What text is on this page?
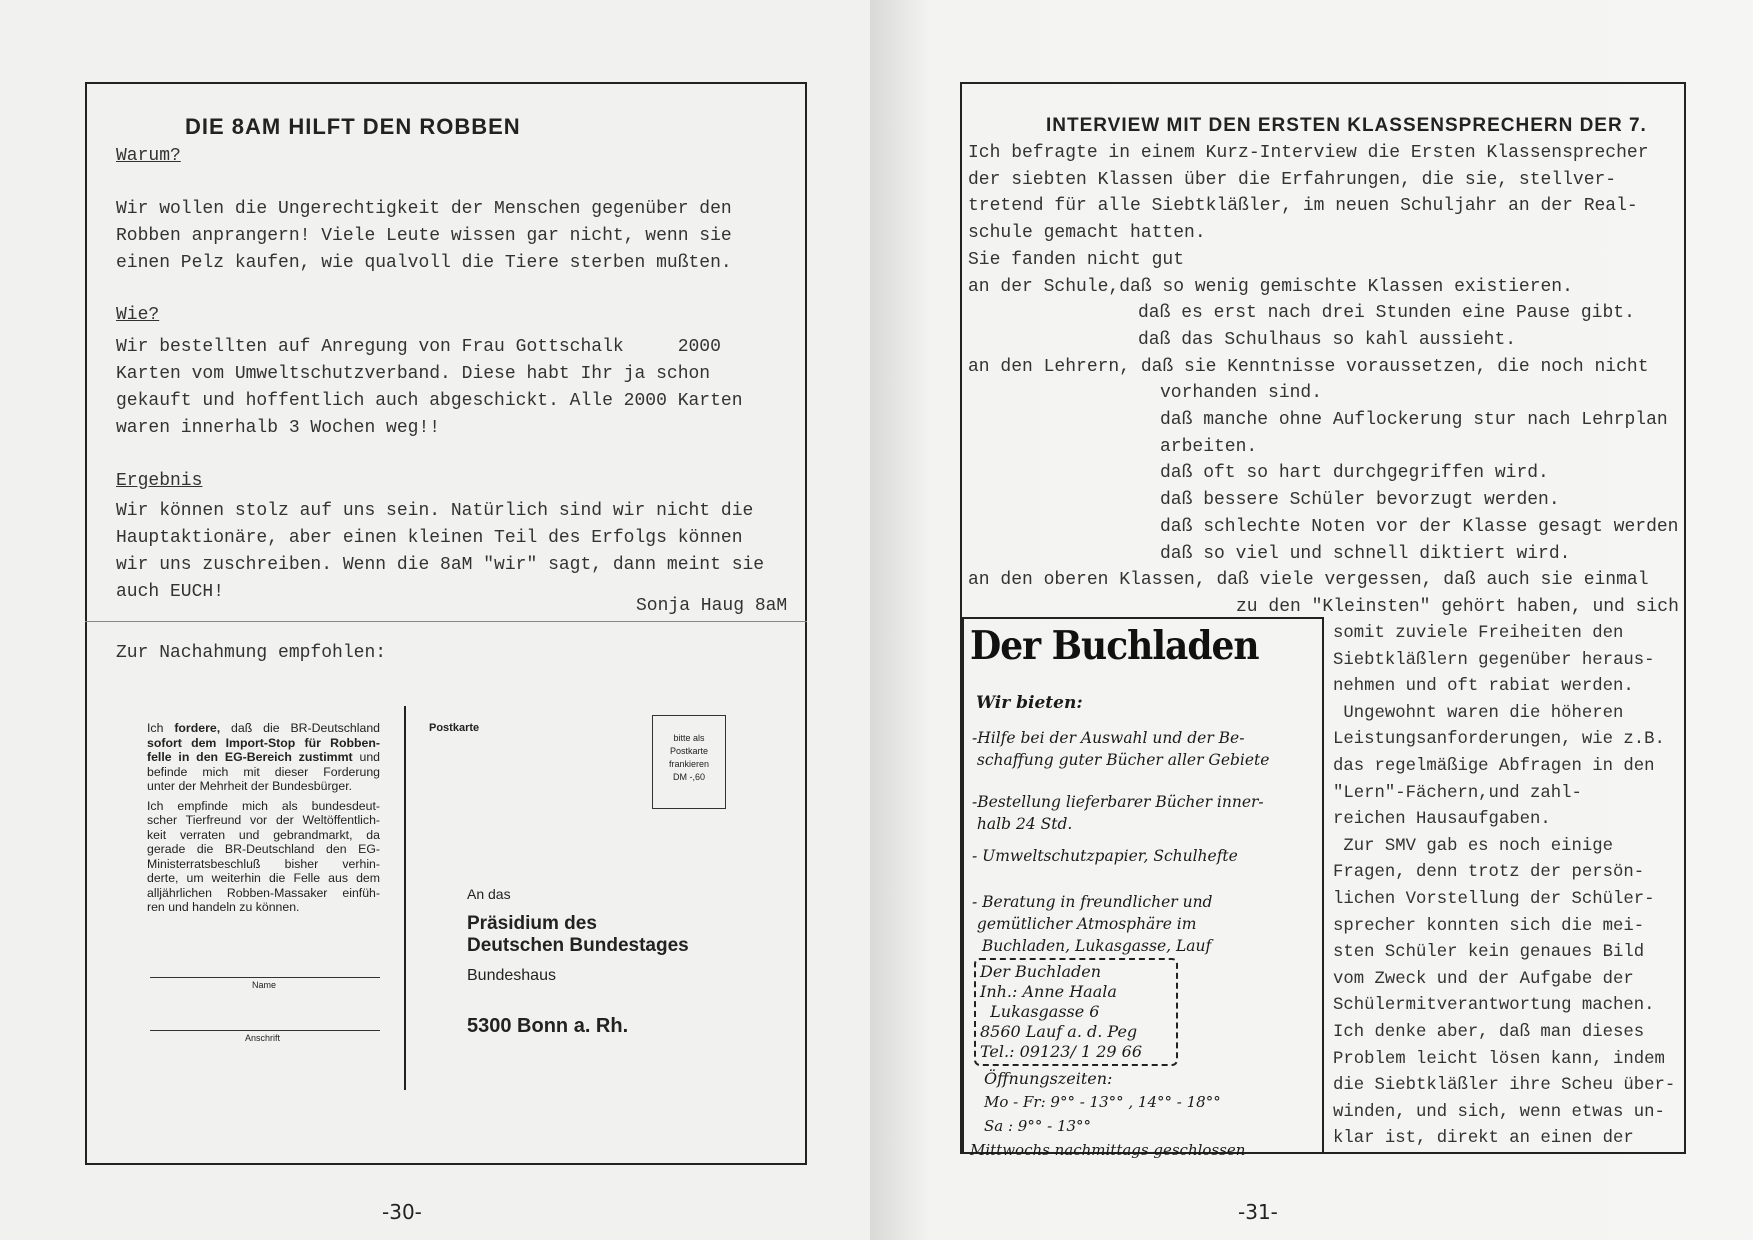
DIE 8AM HILFT DEN ROBBEN
Warum?
Wir wollen die Ungerechtigkeit der Menschen gegenüber den
Robben anprangern! Viele Leute wissen gar nicht, wenn sie
einen Pelz kaufen, wie qualvoll die Tiere sterben mußten.
Wie?
Wir bestellten auf Anregung von Frau Gottschalk     2000
Karten vom Umweltschutzverband. Diese habt Ihr ja schon
gekauft und hoffentlich auch abgeschickt. Alle 2000 Karten
waren innerhalb 3 Wochen weg!!
Ergebnis
Wir können stolz auf uns sein. Natürlich sind wir nicht die
Hauptaktionäre, aber einen kleinen Teil des Erfolgs können
wir uns zuschreiben. Wenn die 8aM "wir" sagt, dann meint sie
auch EUCH!
Sonja Haug 8aM
Zur Nachahmung empfohlen:
Ich fordere, daß die BR-Deutschland
sofort dem Import-Stop für Robben-
felle in den EG-Bereich zustimmt und
befinde mich mit dieser Forderung
unter der Mehrheit der Bundesbürger.
Ich empfinde mich als bundesdeut-
scher Tierfreund vor der Weltöffentlich-
keit verraten und gebrandmarkt, da
gerade die BR-Deutschland den EG-
Ministerratsbeschluß bisher verhin-
derte, um weiterhin die Felle aus dem
alljährlichen Robben-Massaker einfüh-
ren und handeln zu können.
Name
Anschrift
Postkarte
bitte als
Postkarte
frankieren
DM -,60
An das
Präsidium des
Deutschen Bundestages
Bundeshaus
5300 Bonn a. Rh.
-30-
INTERVIEW MIT DEN ERSTEN KLASSENSPRECHERN DER 7.
Ich befragte in einem Kurz-Interview die Ersten Klassensprecher
der siebten Klassen über die Erfahrungen, die sie, stellver-
tretend für alle Siebtkläßler, im neuen Schuljahr an der Real-
schule gemacht hatten.
Sie fanden nicht gut
an der Schule,daß so wenig gemischte Klassen existieren.
daß es erst nach drei Stunden eine Pause gibt.
daß das Schulhaus so kahl aussieht.
an den Lehrern, daß sie Kenntnisse voraussetzen, die noch nicht
vorhanden sind.
daß manche ohne Auflockerung stur nach Lehrplan
arbeiten.
daß oft so hart durchgegriffen wird.
daß bessere Schüler bevorzugt werden.
daß schlechte Noten vor der Klasse gesagt werden
daß so viel und schnell diktiert wird.
an den oberen Klassen, daß viele vergessen, daß auch sie einmal
zu den "Kleinsten" gehört haben, und sich
somit zuviele Freiheiten den
Siebtkläßlern gegenüber heraus-
nehmen und oft rabiat werden.
Ungewohnt waren die höheren
Leistungsanforderungen, wie z.B.
das regelmäßige Abfragen in den
"Lern"-Fächern,und zahl-
reichen Hausaufgaben.
Zur SMV gab es noch einige
Fragen, denn trotz der persön-
lichen Vorstellung der Schüler-
sprecher konnten sich die mei-
sten Schüler kein genaues Bild
vom Zweck und der Aufgabe der
Schülermitverantwortung machen.
Ich denke aber, daß man dieses
Problem leicht lösen kann, indem
die Siebtkläßler ihre Scheu über-
winden, und sich, wenn etwas un-
klar ist, direkt an einen der
Der Buchladen
Wir bieten:
-Hilfe bei der Auswahl und der Be-
schaffung guter Bücher aller Gebiete
-Bestellung lieferbarer Bücher inner-
halb 24 Std.
- Umweltschutzpapier, Schulhefte
- Beratung in freundlicher und
gemütlicher Atmosphäre im
Buchladen, Lukasgasse, Lauf
Der Buchladen
Inh.: Anne Haala
Lukasgasse 6
8560 Lauf a. d. Peg
Tel.: 09123/ 1 29 66
Öffnungszeiten:
Mo - Fr: 9°° - 13°° , 14°° - 18°°
Sa : 9°° - 13°°
Mittwochs nachmittags geschlossen
-31-
